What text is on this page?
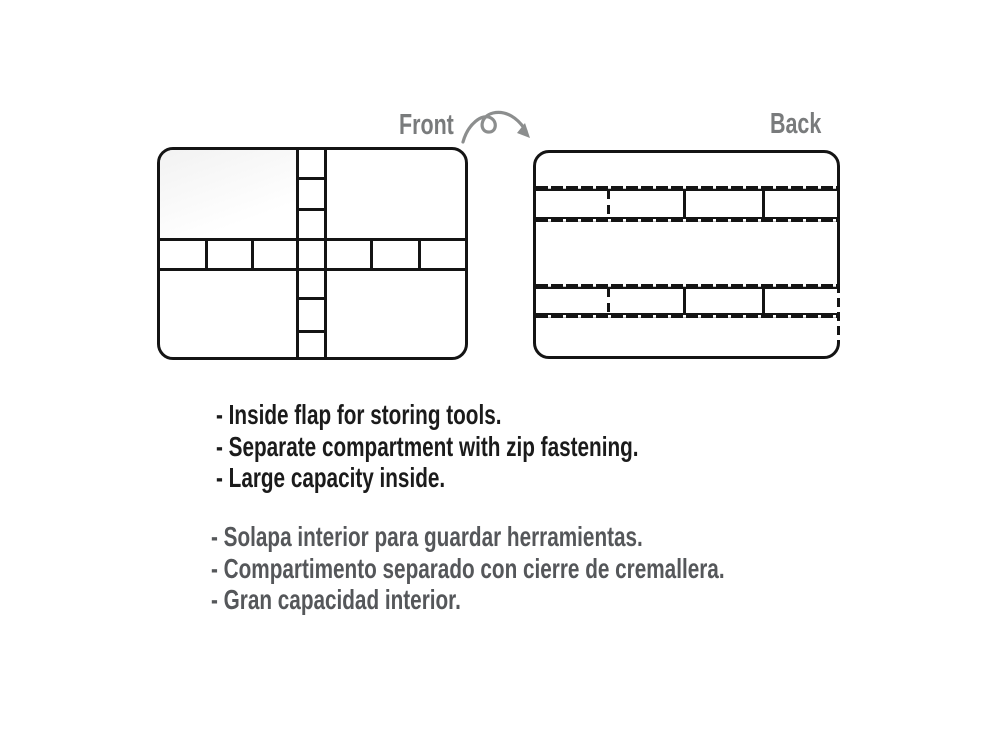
Front	Back
- Inside flap for storing tools.
- Separate compartment with zip fastening.
- Large capacity inside.
- Solapa interior para guardar herramientas.
- Compartimento separado con cierre de cremallera.
- Gran capacidad interior.
